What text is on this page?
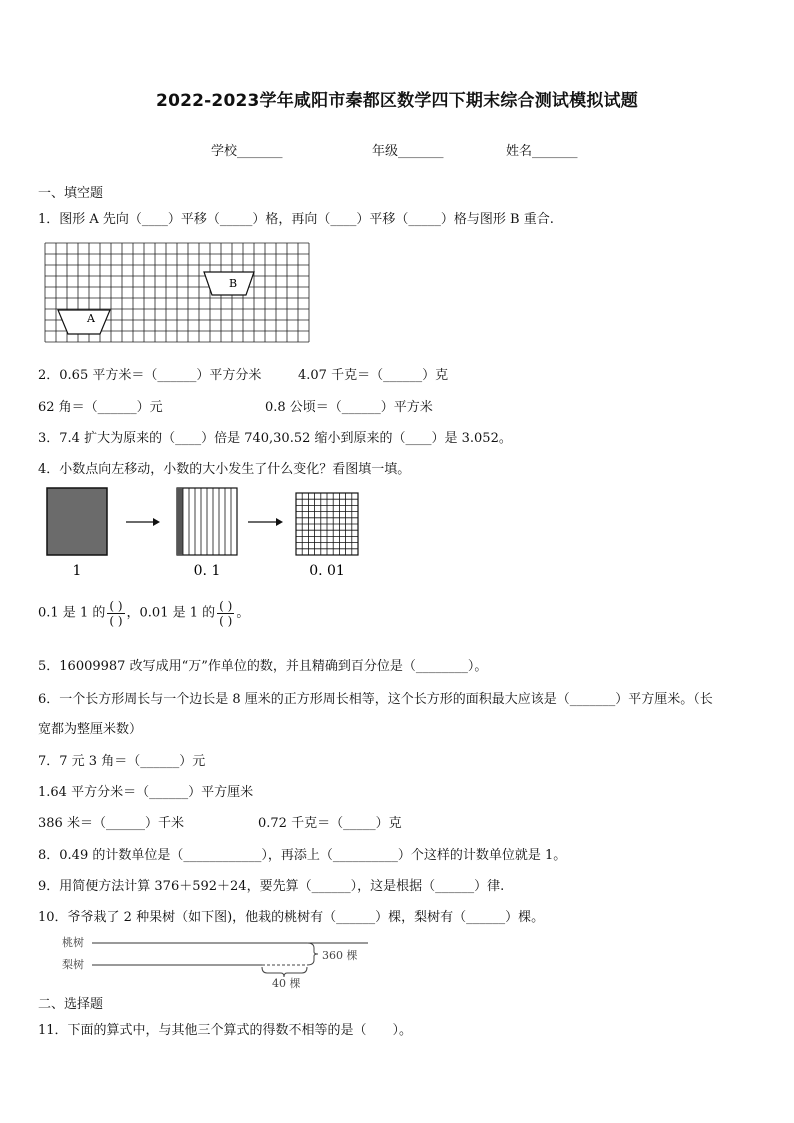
2022-2023学年咸阳市秦都区数学四下期末综合测试模拟试题
学校_______	年级_______	姓名_______
一、填空题
1．图形 A 先向（____）平移（_____）格，再向（____）平移（_____）格与图形 B 重合.
B
A
2．0.65 平方米＝（______）平方分米	4.07 千克＝（______）克
62 角＝（______）元	0.8 公顷＝（______）平方米
3．7.4 扩大为原来的（____）倍是 740,30.52 缩小到原来的（____）是 3.052。
4．小数点向左移动，小数的大小发生了什么变化？看图填一填。
1	0. 1	0. 01
0.1 是 1 的 $\frac{( )}{( )}$ ，0.01 是 1 的 $\frac{( )}{( )}$ 。
5．16009987 改写成用“万”作单位的数，并且精确到百分位是（________）。
6．一个长方形周长与一个边长是 8 厘米的正方形周长相等，这个长方形的面积最大应该是（_______）平方厘米。（长
宽都为整厘米数）
7．7 元 3 角＝（______）元
1.64 平方分米＝（______）平方厘米
386 米＝（______）千米	0.72 千克＝（_____）克
8．0.49 的计数单位是（____________），再添上（__________）个这样的计数单位就是 1。
9．用简便方法计算 376＋592＋24，要先算（______），这是根据（______）律.
10．爷爷栽了 2 种果树（如下图)，他栽的桃树有（______）棵，梨树有（______）棵。
桃树
梨树
360 棵
40 棵
二、选择题
11．下面的算式中，与其他三个算式的得数不相等的是（　　）。
